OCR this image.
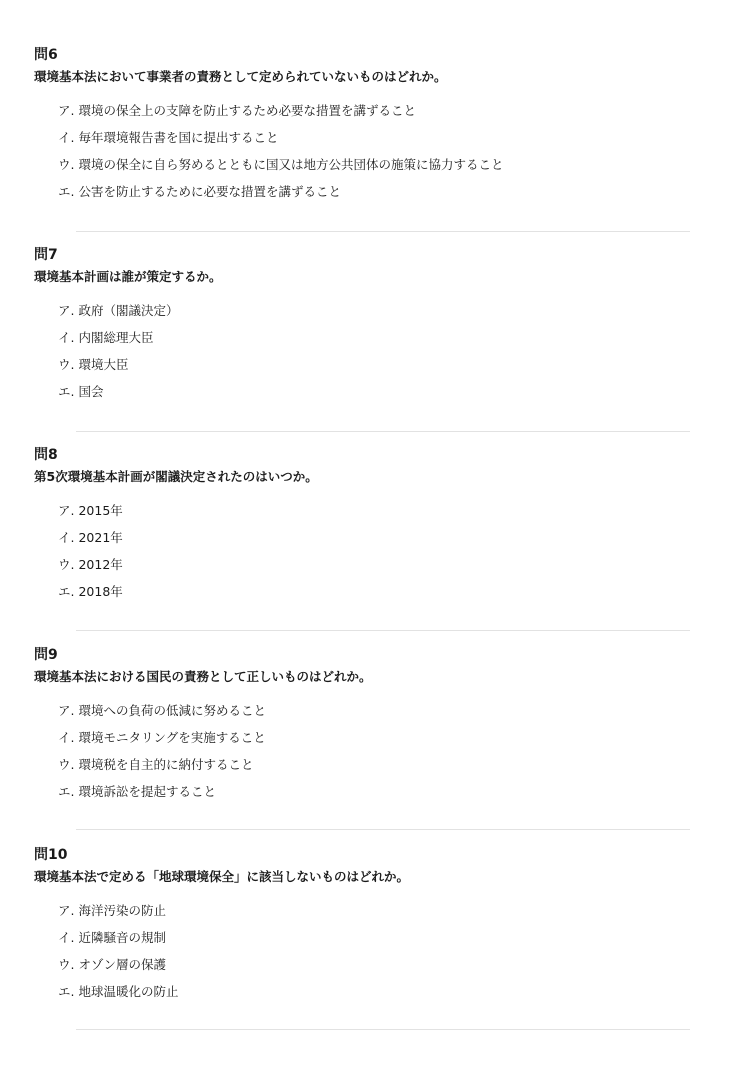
問6
環境基本法において事業者の責務として定められていないものはどれか。
ア. 環境の保全上の支障を防止するため必要な措置を講ずること
イ. 毎年環境報告書を国に提出すること
ウ. 環境の保全に自ら努めるとともに国又は地方公共団体の施策に協力すること
エ. 公害を防止するために必要な措置を講ずること
問7
環境基本計画は誰が策定するか。
ア. 政府（閣議決定）
イ. 内閣総理大臣
ウ. 環境大臣
エ. 国会
問8
第5次環境基本計画が閣議決定されたのはいつか。
ア. 2015年
イ. 2021年
ウ. 2012年
エ. 2018年
問9
環境基本法における国民の責務として正しいものはどれか。
ア. 環境への負荷の低減に努めること
イ. 環境モニタリングを実施すること
ウ. 環境税を自主的に納付すること
エ. 環境訴訟を提起すること
問10
環境基本法で定める「地球環境保全」に該当しないものはどれか。
ア. 海洋汚染の防止
イ. 近隣騒音の規制
ウ. オゾン層の保護
エ. 地球温暖化の防止
